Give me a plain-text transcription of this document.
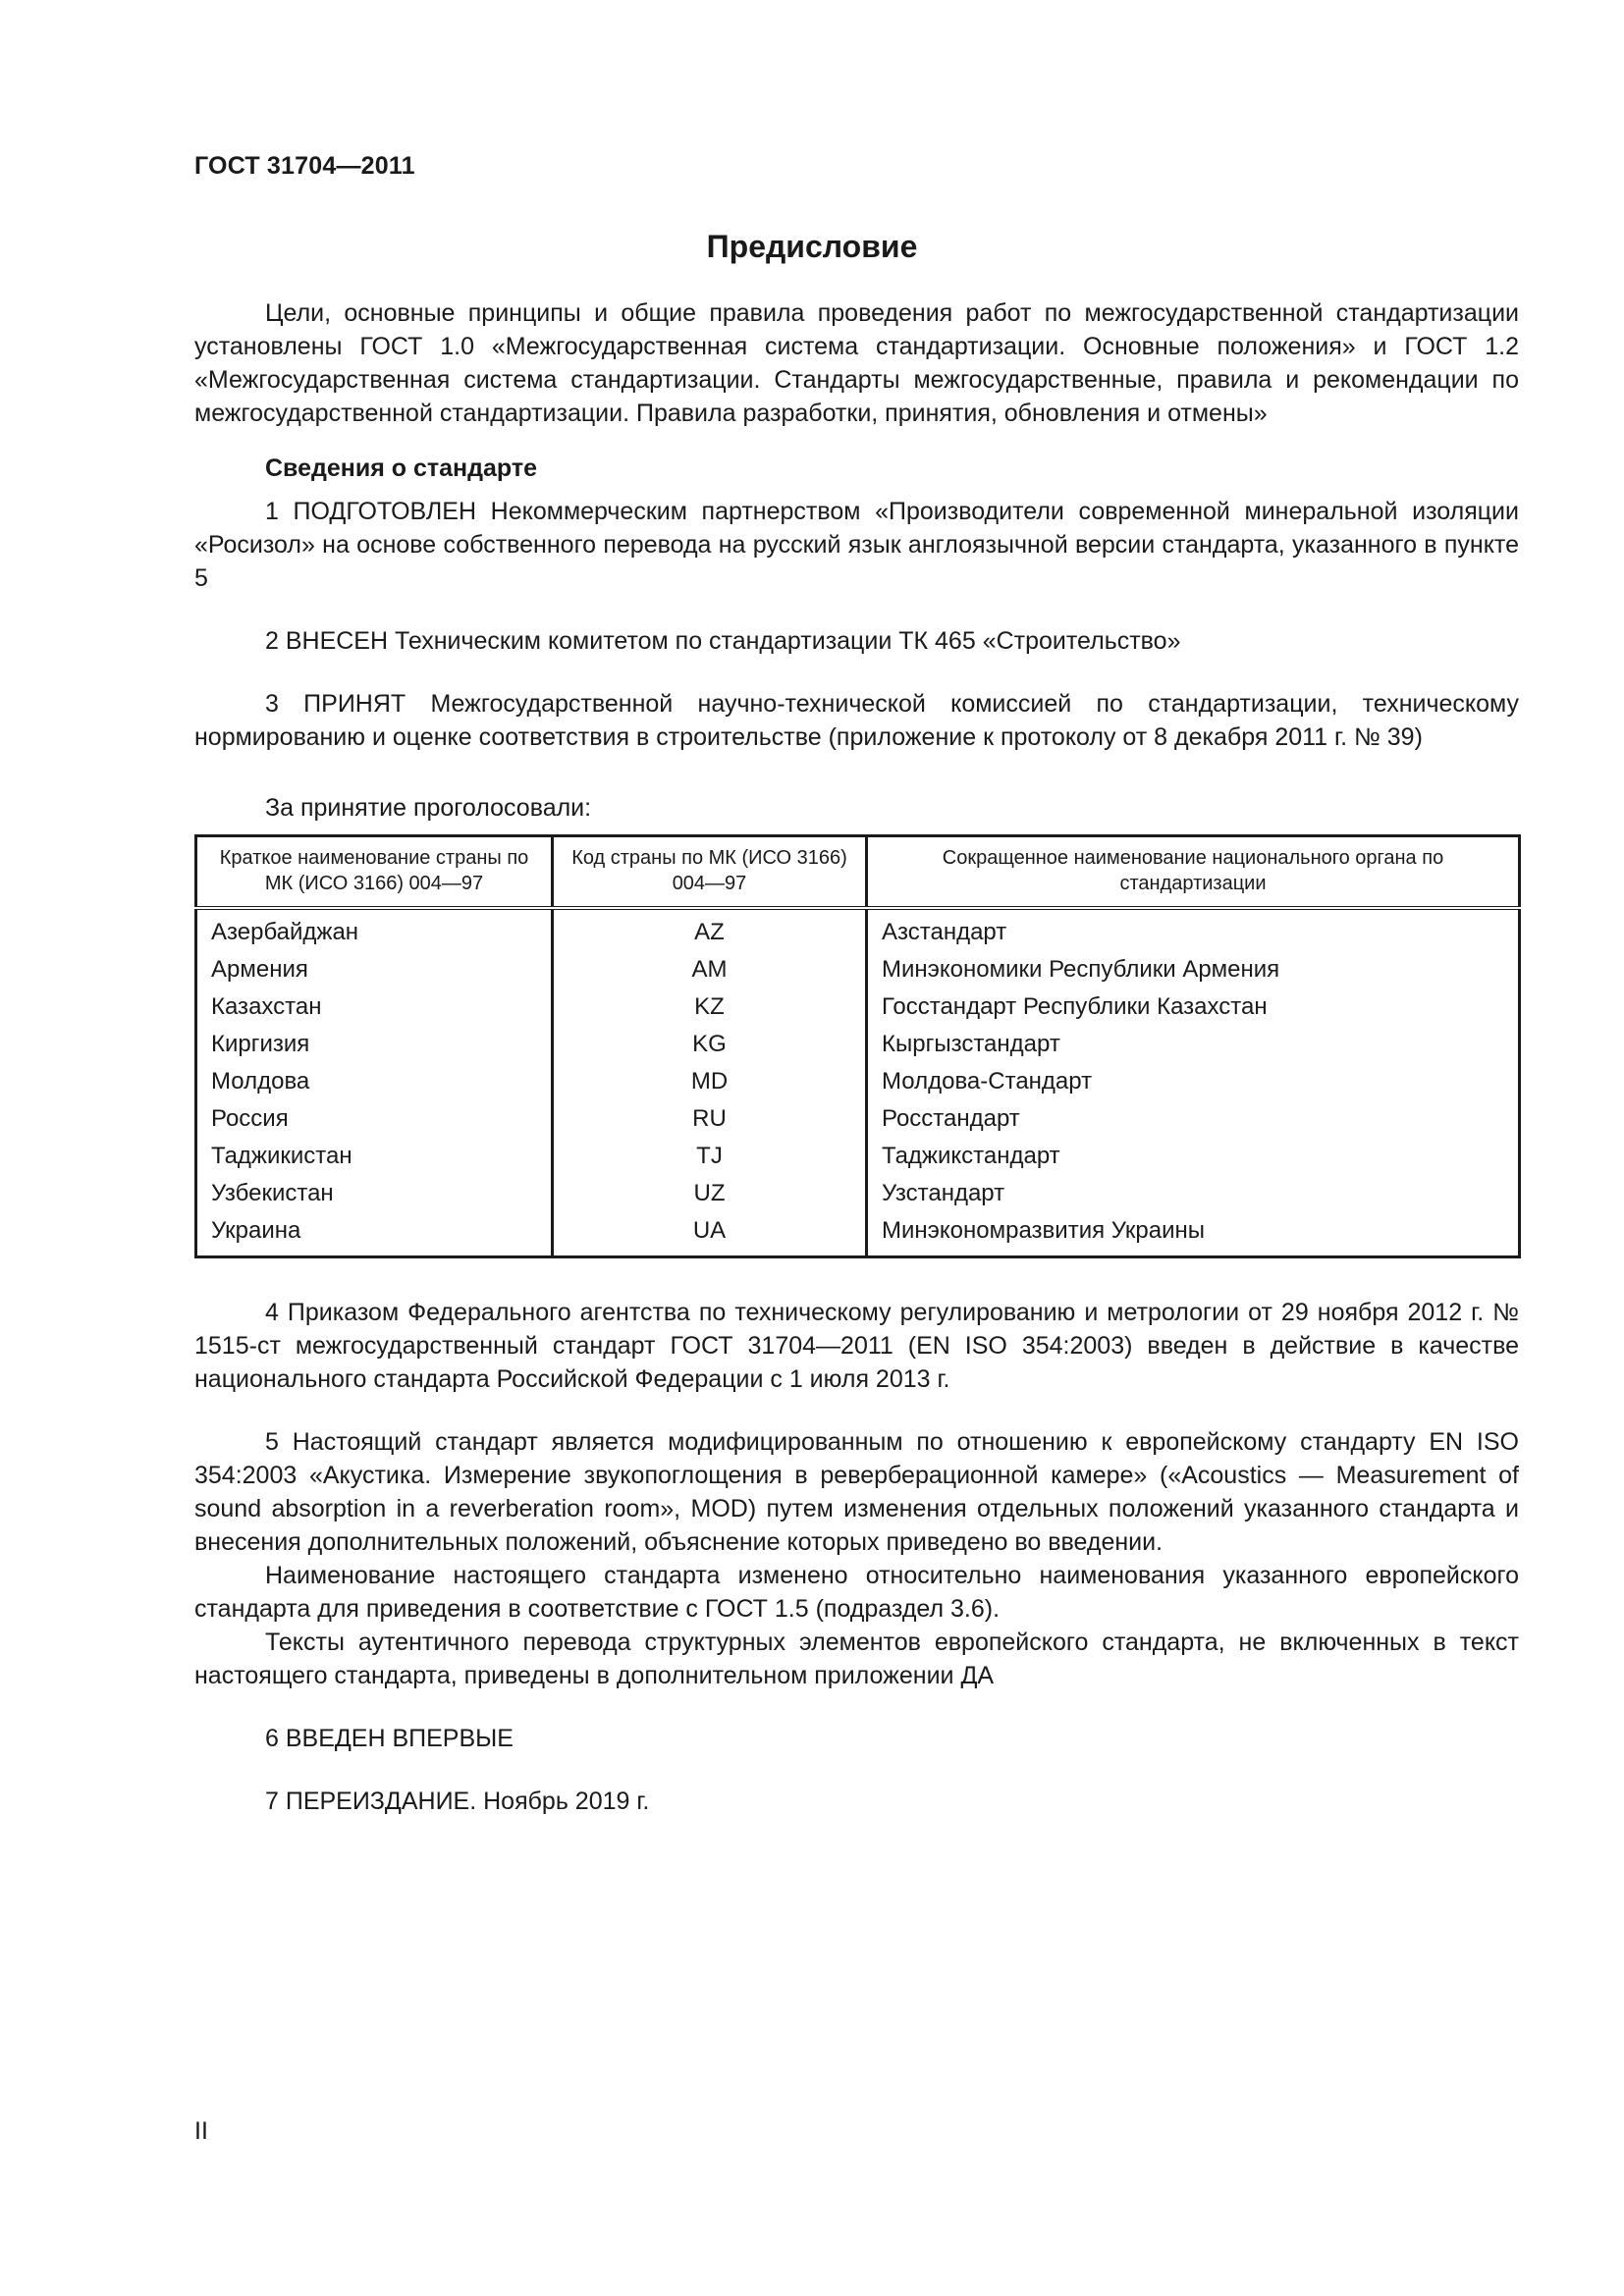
ГОСТ 31704—2011
Предисловие

Цели, основные принципы и общие правила проведения работ по межгосударственной стандартизации установлены ГОСТ 1.0 «Межгосударственная система стандартизации. Основные положения» и ГОСТ 1.2 «Межгосударственная система стандартизации. Стандарты межгосударственные, правила и рекомендации по межгосударственной стандартизации. Правила разработки, принятия, обновления и отмены»

Сведения о стандарте

1 ПОДГОТОВЛЕН Некоммерческим партнерством «Производители современной минеральной изоляции «Росизол» на основе собственного перевода на русский язык англоязычной версии стандарта, указанного в пункте 5

2 ВНЕСЕН Техническим комитетом по стандартизации ТК 465 «Строительство»

3 ПРИНЯТ Межгосударственной научно-технической комиссией по стандартизации, техническому нормированию и оценке соответствия в строительстве (приложение к протоколу от 8 декабря 2011 г. № 39)

За принятие проголосовали:

Краткое наименование страны по МК (ИСО 3166) 004—97	Код страны по МК (ИСО 3166) 004—97	Сокращенное наименование национального органа по стандартизации
Азербайджан	AZ	Азстандарт
Армения	AM	Минэкономики Республики Армения
Казахстан	KZ	Госстандарт Республики Казахстан
Киргизия	KG	Кыргызстандарт
Молдова	MD	Молдова-Стандарт
Россия	RU	Росстандарт
Таджикистан	TJ	Таджикстандарт
Узбекистан	UZ	Узстандарт
Украина	UA	Минэкономразвития Украины

4 Приказом Федерального агентства по техническому регулированию и метрологии от 29 ноября 2012 г. № 1515-ст межгосударственный стандарт ГОСТ 31704—2011 (EN ISO 354:2003) введен в действие в качестве национального стандарта Российской Федерации с 1 июля 2013 г.

5 Настоящий стандарт является модифицированным по отношению к европейскому стандарту EN ISO 354:2003 «Акустика. Измерение звукопоглощения в реверберационной камере» («Acoustics — Measurement of sound absorption in a reverberation room», MOD) путем изменения отдельных положений указанного стандарта и внесения дополнительных положений, объяснение которых приведено во введении.

Наименование настоящего стандарта изменено относительно наименования указанного европейского стандарта для приведения в соответствие с ГОСТ 1.5 (подраздел 3.6).

Тексты аутентичного перевода структурных элементов европейского стандарта, не включенных в текст настоящего стандарта, приведены в дополнительном приложении ДА

6 ВВЕДЕН ВПЕРВЫЕ

7 ПЕРЕИЗДАНИЕ. Ноябрь 2019 г.

II
